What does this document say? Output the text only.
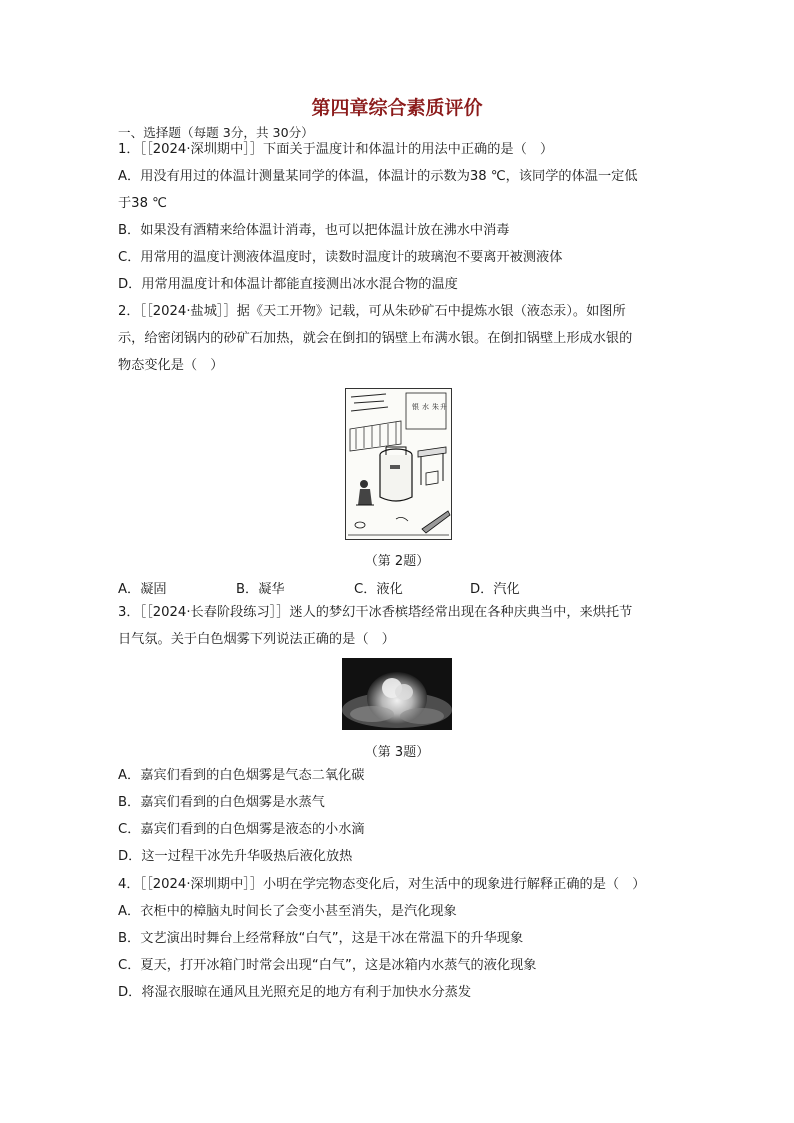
第四章综合素质评价
一、选择题（每题 3分，共 30分）
1．［［2024·深圳期中］］下面关于温度计和体温计的用法中正确的是（　）
A．用没有用过的体温计测量某同学的体温，体温计的示数为38 ℃，该同学的体温一定低
于38 ℃
B．如果没有酒精来给体温计消毒，也可以把体温计放在沸水中消毒
C．用常用的温度计测液体温度时，读数时温度计的玻璃泡不要离开被测液体
D．用常用温度计和体温计都能直接测出冰水混合物的温度
2．［［2024·盐城］］据《天工开物》记载，可从朱砂矿石中提炼水银（液态汞）。如图所
示，给密闭锅内的砂矿石加热，就会在倒扣的锅壁上布满水银。在倒扣锅壁上形成水银的
物态变化是（　）
银 水 朱 升
（第 2题）
A．凝固	B．凝华	C．液化	D．汽化
3．［［2024·长春阶段练习］］迷人的梦幻干冰香槟塔经常出现在各种庆典当中，来烘托节
日气氛。关于白色烟雾下列说法正确的是（　）
（第 3题）
A．嘉宾们看到的白色烟雾是气态二氧化碳
B．嘉宾们看到的白色烟雾是水蒸气
C．嘉宾们看到的白色烟雾是液态的小水滴
D．这一过程干冰先升华吸热后液化放热
4．［［2024·深圳期中］］小明在学完物态变化后，对生活中的现象进行解释正确的是（　）
A．衣柜中的樟脑丸时间长了会变小甚至消失，是汽化现象
B．文艺演出时舞台上经常释放“白气”，这是干冰在常温下的升华现象
C．夏天，打开冰箱门时常会出现“白气”，这是冰箱内水蒸气的液化现象
D．将湿衣服晾在通风且光照充足的地方有利于加快水分蒸发
